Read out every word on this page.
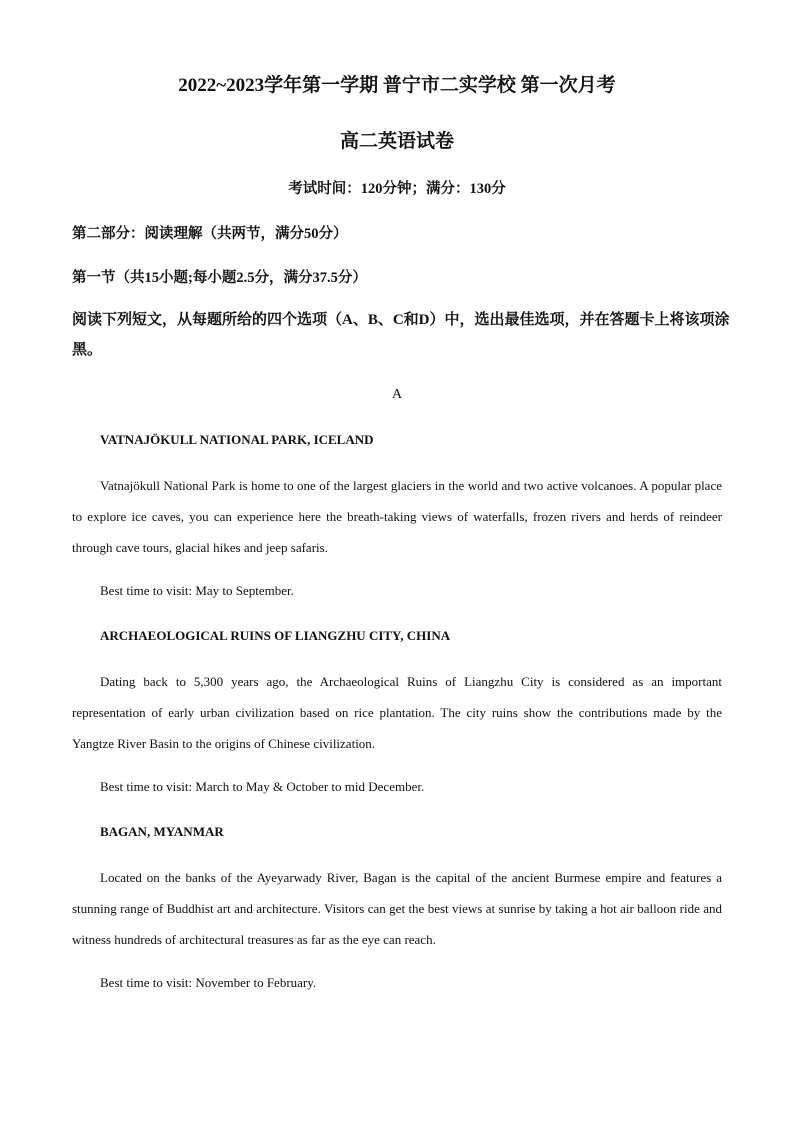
2022~2023学年第一学期 普宁市二实学校 第一次月考
高二英语试卷
考试时间：120分钟；满分：130分
第二部分：阅读理解（共两节，满分50分）
第一节（共15小题;每小题2.5分，满分37.5分）
阅读下列短文，从每题所给的四个选项（A、B、C和D）中，选出最佳选项，并在答题卡上将该项涂黑。
A
VATNAJÖKULL NATIONAL PARK, ICELAND
Vatnajökull National Park is home to one of the largest glaciers in the world and two active volcanoes. A popular place to explore ice caves, you can experience here the breath-taking views of waterfalls, frozen rivers and herds of reindeer through cave tours, glacial hikes and jeep safaris.
Best time to visit: May to September.
ARCHAEOLOGICAL RUINS OF LIANGZHU CITY, CHINA
Dating back to 5,300 years ago, the Archaeological Ruins of Liangzhu City is considered as an important representation of early urban civilization based on rice plantation. The city ruins show the contributions made by the Yangtze River Basin to the origins of Chinese civilization.
Best time to visit: March to May & October to mid December.
BAGAN, MYANMAR
Located on the banks of the Ayeyarwady River, Bagan is the capital of the ancient Burmese empire and features a stunning range of Buddhist art and architecture. Visitors can get the best views at sunrise by taking a hot air balloon ride and witness hundreds of architectural treasures as far as the eye can reach.
Best time to visit: November to February.
